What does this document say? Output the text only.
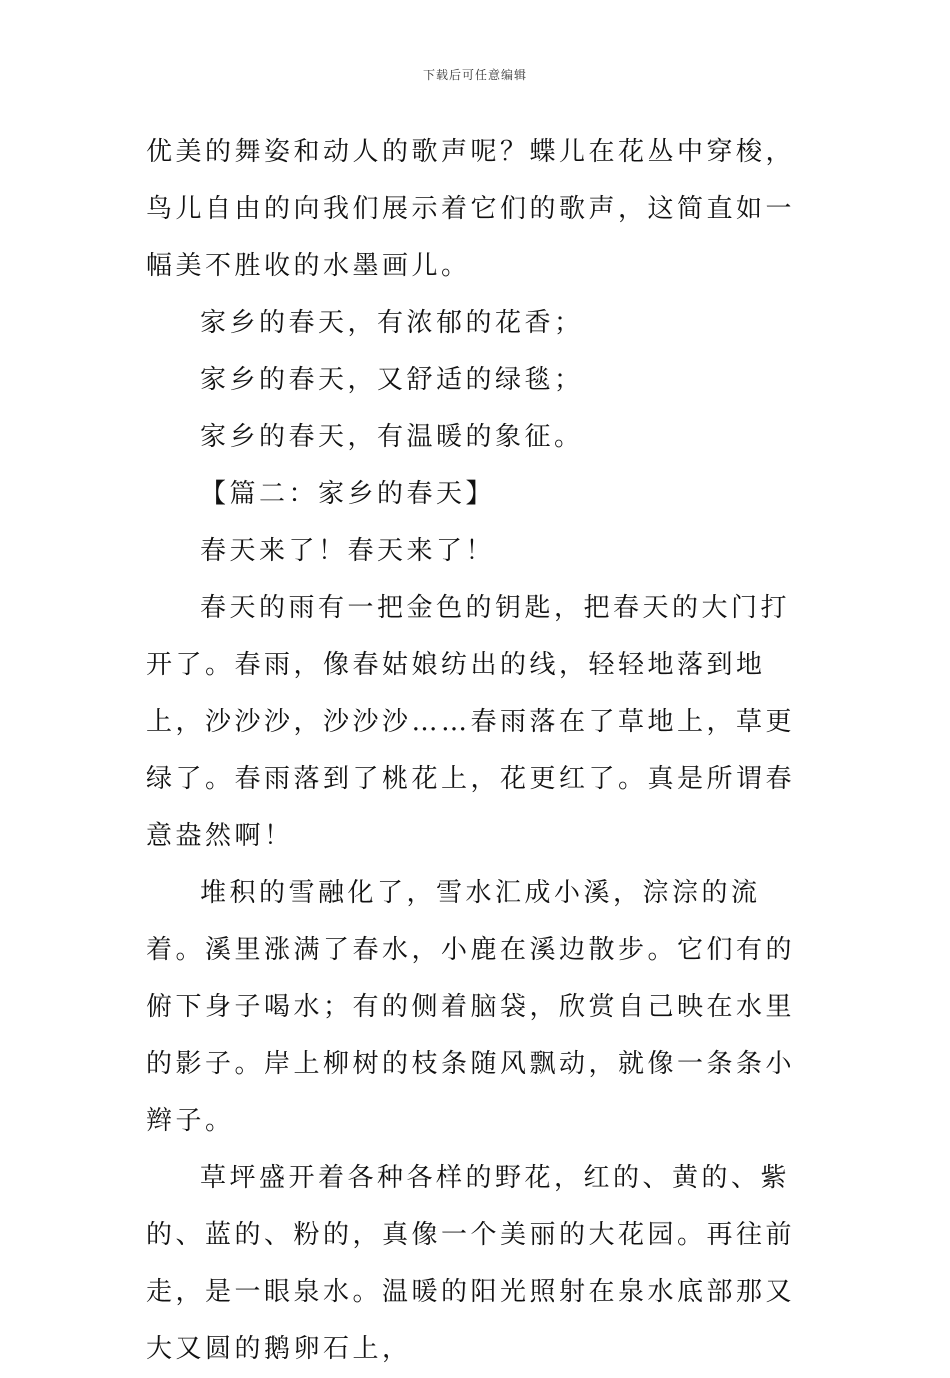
下载后可任意编辑

优美的舞姿和动人的歌声呢？蝶儿在花丛中穿梭，鸟儿自由的向我们展示着它们的歌声，这简直如一幅美不胜收的水墨画儿。

家乡的春天，有浓郁的花香；

家乡的春天，又舒适的绿毯；

家乡的春天，有温暖的象征。

【篇二：家乡的春天】

春天来了！春天来了！

春天的雨有一把金色的钥匙，把春天的大门打开了。春雨，像春姑娘纺出的线，轻轻地落到地上，沙沙沙，沙沙沙……春雨落在了草地上，草更绿了。春雨落到了桃花上，花更红了。真是所谓春意盎然啊！

堆积的雪融化了，雪水汇成小溪，淙淙的流着。溪里涨满了春水，小鹿在溪边散步。它们有的俯下身子喝水；有的侧着脑袋，欣赏自己映在水里的影子。岸上柳树的枝条随风飘动，就像一条条小辫子。

草坪盛开着各种各样的野花，红的、黄的、紫的、蓝的、粉的，真像一个美丽的大花园。再往前走，是一眼泉水。温暖的阳光照射在泉水底部那又大又圆的鹅卵石上，
